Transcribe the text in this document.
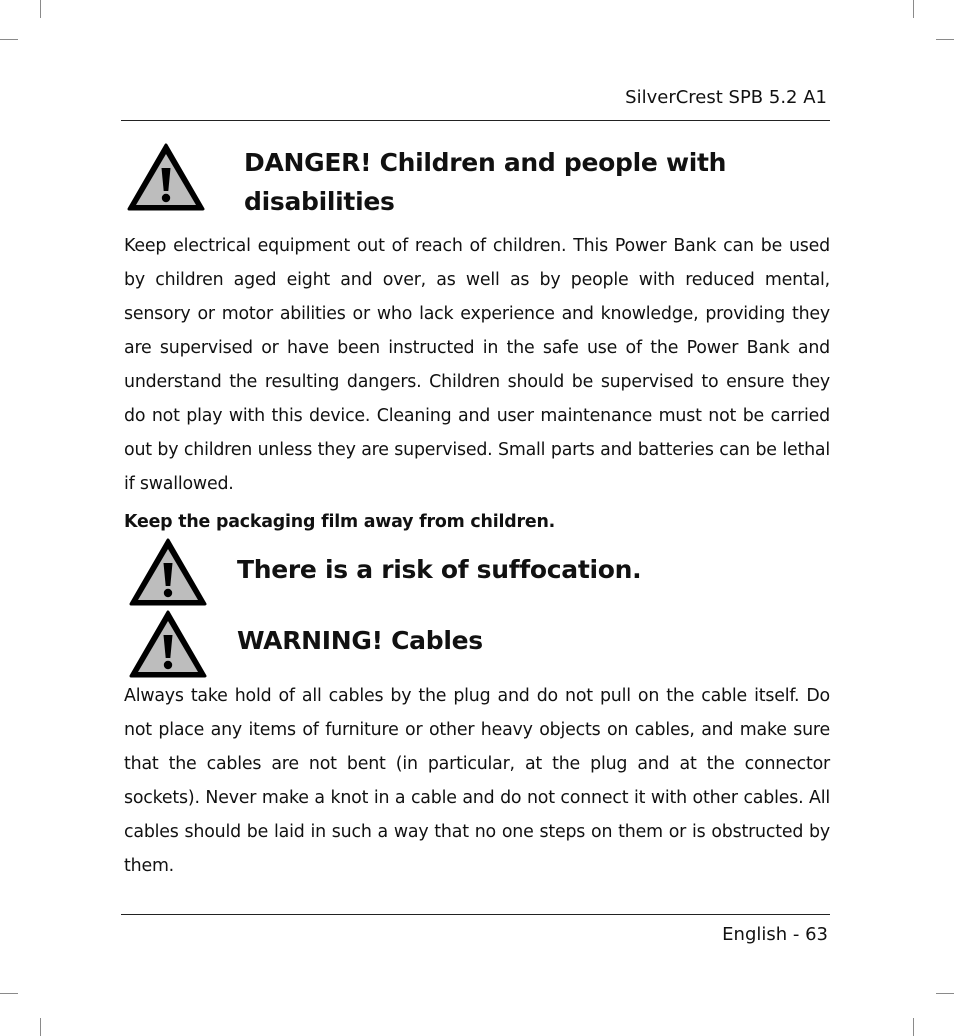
SilverCrest SPB 5.2 A1
DANGER! Children and people with
disabilities
Keep electrical equipment out of reach of children. This Power Bank can be used by children aged eight and over, as well as by people with reduced mental, sensory or motor abilities or who lack experience and knowledge, providing they are supervised or have been instructed in the safe use of the Power Bank and understand the resulting dangers. Children should be supervised to ensure they do not play with this device. Cleaning and user maintenance must not be carried out by children unless they are supervised. Small parts and batteries can be lethal if swallowed.
Keep the packaging film away from children.
There is a risk of suffocation.
WARNING! Cables
Always take hold of all cables by the plug and do not pull on the cable itself. Do not place any items of furniture or other heavy objects on cables, and make sure that the cables are not bent (in particular, at the plug and at the connector sockets). Never make a knot in a cable and do not connect it with other cables. All cables should be laid in such a way that no one steps on them or is obstructed by them.
English - 63
